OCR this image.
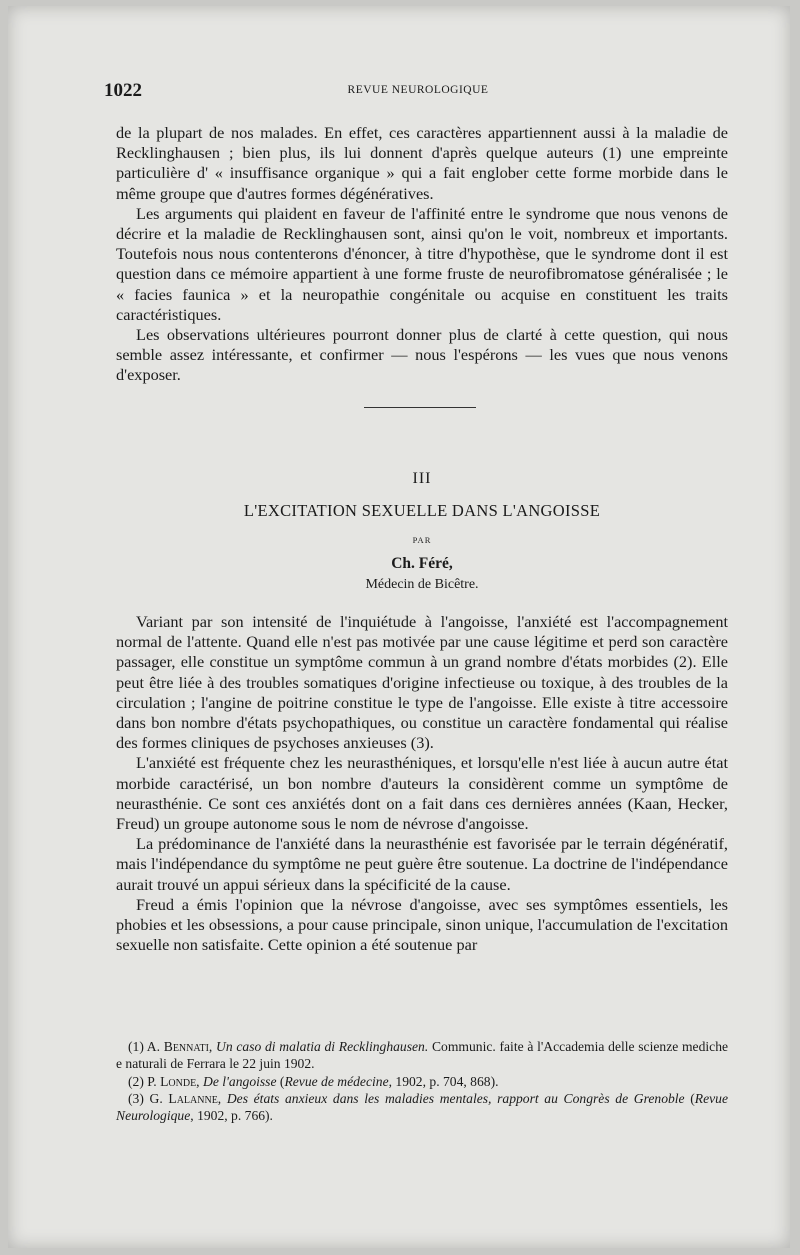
1022	REVUE NEUROLOGIQUE

de la plupart de nos malades. En effet, ces caractères appartiennent aussi à la maladie de Recklinghausen ; bien plus, ils lui donnent d'après quelque auteurs (1) une empreinte particulière d' « insuffisance organique » qui a fait englober cette forme morbide dans le même groupe que d'autres formes dégénératives.

Les arguments qui plaident en faveur de l'affinité entre le syndrome que nous venons de décrire et la maladie de Recklinghausen sont, ainsi qu'on le voit, nombreux et importants. Toutefois nous nous contenterons d'énoncer, à titre d'hypothèse, que le syndrome dont il est question dans ce mémoire appartient à une forme fruste de neurofibromatose généralisée ; le « facies faunica » et la neuropathie congénitale ou acquise en constituent les traits caractéristiques.

Les observations ultérieures pourront donner plus de clarté à cette question, qui nous semble assez intéressante, et confirmer — nous l'espérons — les vues que nous venons d'exposer.

III
L'EXCITATION SEXUELLE DANS L'ANGOISSE
PAR
Ch. Féré,
Médecin de Bicêtre.

Variant par son intensité de l'inquiétude à l'angoisse, l'anxiété est l'accompagnement normal de l'attente. Quand elle n'est pas motivée par une cause légitime et perd son caractère passager, elle constitue un symptôme commun à un grand nombre d'états morbides (2). Elle peut être liée à des troubles somatiques d'origine infectieuse ou toxique, à des troubles de la circulation ; l'angine de poitrine constitue le type de l'angoisse. Elle existe à titre accessoire dans bon nombre d'états psychopathiques, ou constitue un caractère fondamental qui réalise des formes cliniques de psychoses anxieuses (3).

L'anxiété est fréquente chez les neurasthéniques, et lorsqu'elle n'est liée à aucun autre état morbide caractérisé, un bon nombre d'auteurs la considèrent comme un symptôme de neurasthénie. Ce sont ces anxiétés dont on a fait dans ces dernières années (Kaan, Hecker, Freud) un groupe autonome sous le nom de névrose d'angoisse.

La prédominance de l'anxiété dans la neurasthénie est favorisée par le terrain dégénératif, mais l'indépendance du symptôme ne peut guère être soutenue. La doctrine de l'indépendance aurait trouvé un appui sérieux dans la spécificité de la cause.

Freud a émis l'opinion que la névrose d'angoisse, avec ses symptômes essentiels, les phobies et les obsessions, a pour cause principale, sinon unique, l'accumulation de l'excitation sexuelle non satisfaite. Cette opinion a été soutenue par

(1) A. Bennati, Un caso di malatia di Recklinghausen. Communic. faite à l'Accademia delle scienze mediche e naturali de Ferrara le 22 juin 1902.

(2) P. Londe, De l'angoisse (Revue de médecine, 1902, p. 704, 868).

(3) G. Lalanne, Des états anxieux dans les maladies mentales, rapport au Congrès de Grenoble (Revue Neurologique, 1902, p. 766).
